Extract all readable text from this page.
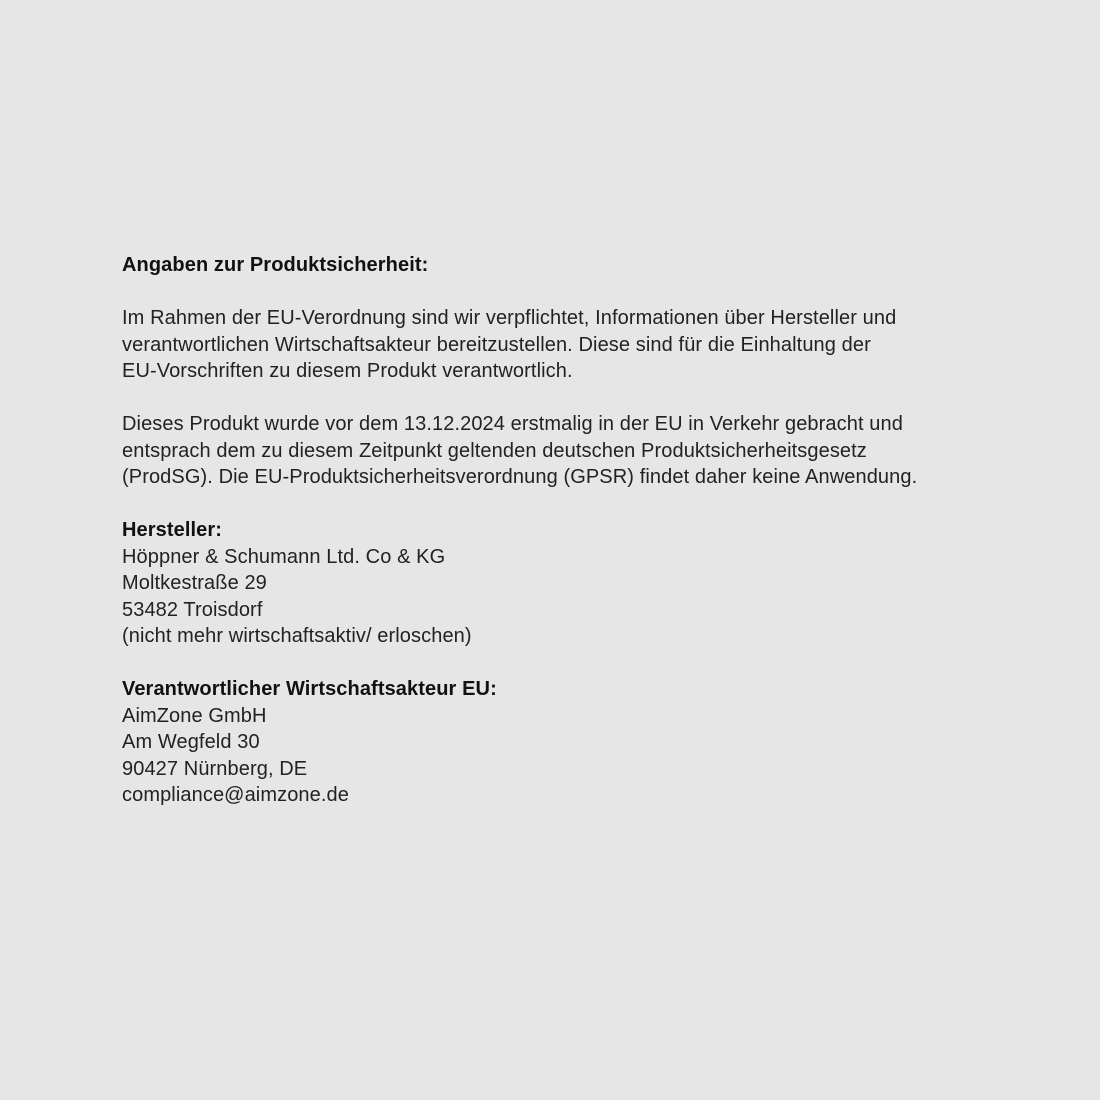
Angaben zur Produktsicherheit:
Im Rahmen der EU-Verordnung sind wir verpflichtet, Informationen über Hersteller und
verantwortlichen Wirtschaftsakteur bereitzustellen. Diese sind für die Einhaltung der
EU-Vorschriften zu diesem Produkt verantwortlich.
Dieses Produkt wurde vor dem 13.12.2024 erstmalig in der EU in Verkehr gebracht und
entsprach dem zu diesem Zeitpunkt geltenden deutschen Produktsicherheitsgesetz
(ProdSG). Die EU-Produktsicherheitsverordnung (GPSR) findet daher keine Anwendung.
Hersteller:
Höppner & Schumann Ltd. Co & KG
Moltkestraße 29
53482 Troisdorf
(nicht mehr wirtschaftsaktiv/ erloschen)
Verantwortlicher Wirtschaftsakteur EU:
AimZone GmbH
Am Wegfeld 30
90427 Nürnberg, DE
compliance@aimzone.de
